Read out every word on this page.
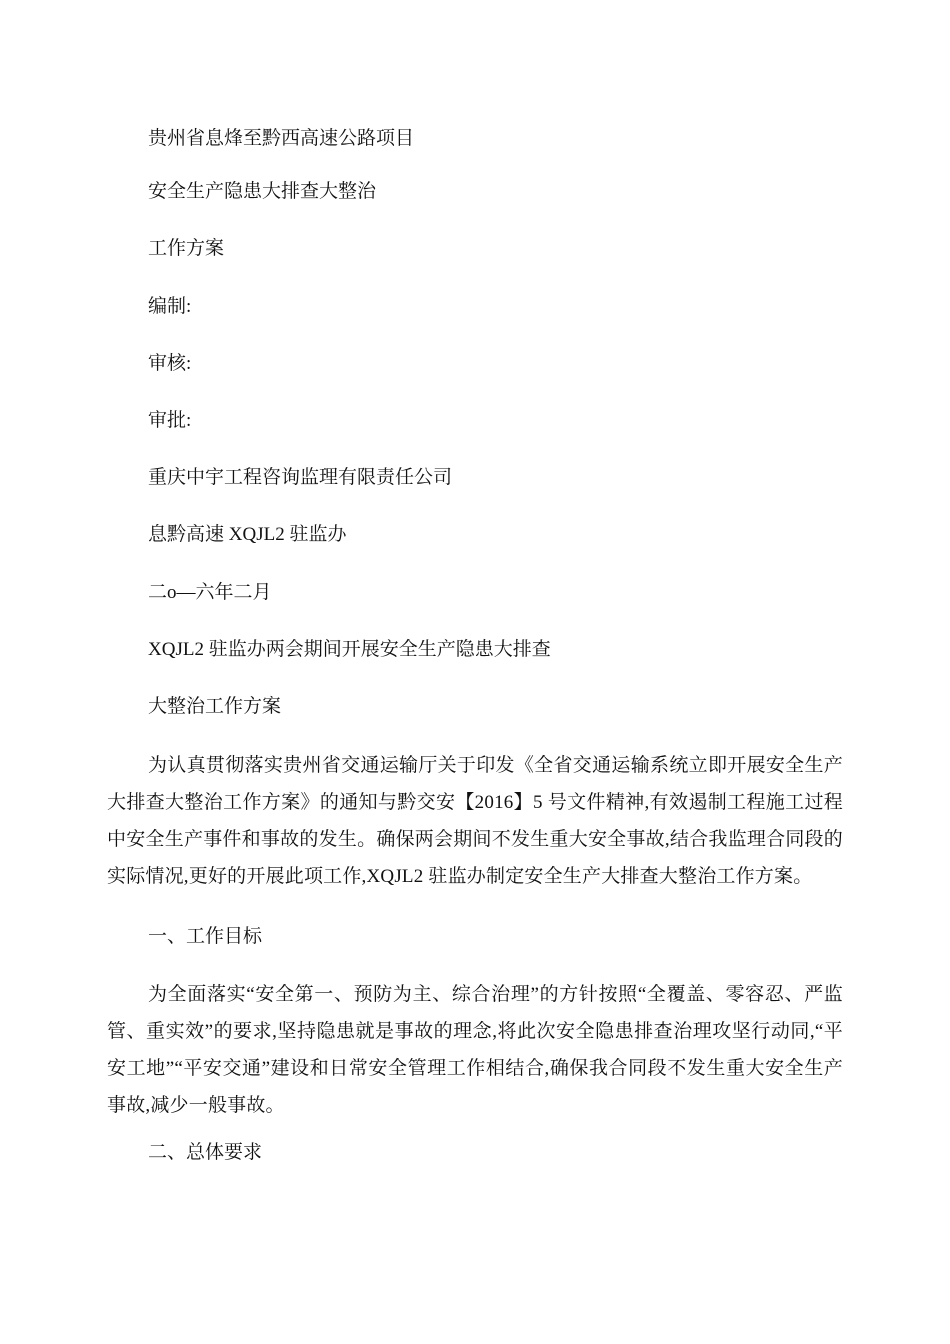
贵州省息烽至黔西高速公路项目

安全生产隐患大排查大整治

工作方案

编制:

审核:

审批:

重庆中宇工程咨询监理有限责任公司

息黔高速 XQJL2 驻监办

二o—六年二月

XQJL2 驻监办两会期间开展安全生产隐患大排查

大整治工作方案

为认真贯彻落实贵州省交通运输厅关于印发《全省交通运输系统立即开展安全生产大排查大整治工作方案》的通知与黔交安【2016】5 号文件精神,有效遏制工程施工过程中安全生产事件和事故的发生。确保两会期间不发生重大安全事故,结合我监理合同段的实际情况,更好的开展此项工作,XQJL2 驻监办制定安全生产大排查大整治工作方案。

一、工作目标

为全面落实“安全第一、预防为主、综合治理”的方针按照“全覆盖、零容忍、严监管、重实效”的要求,坚持隐患就是事故的理念,将此次安全隐患排查治理攻坚行动同,“平安工地”“平安交通”建设和日常安全管理工作相结合,确保我合同段不发生重大安全生产事故,减少一般事故。

二、总体要求
